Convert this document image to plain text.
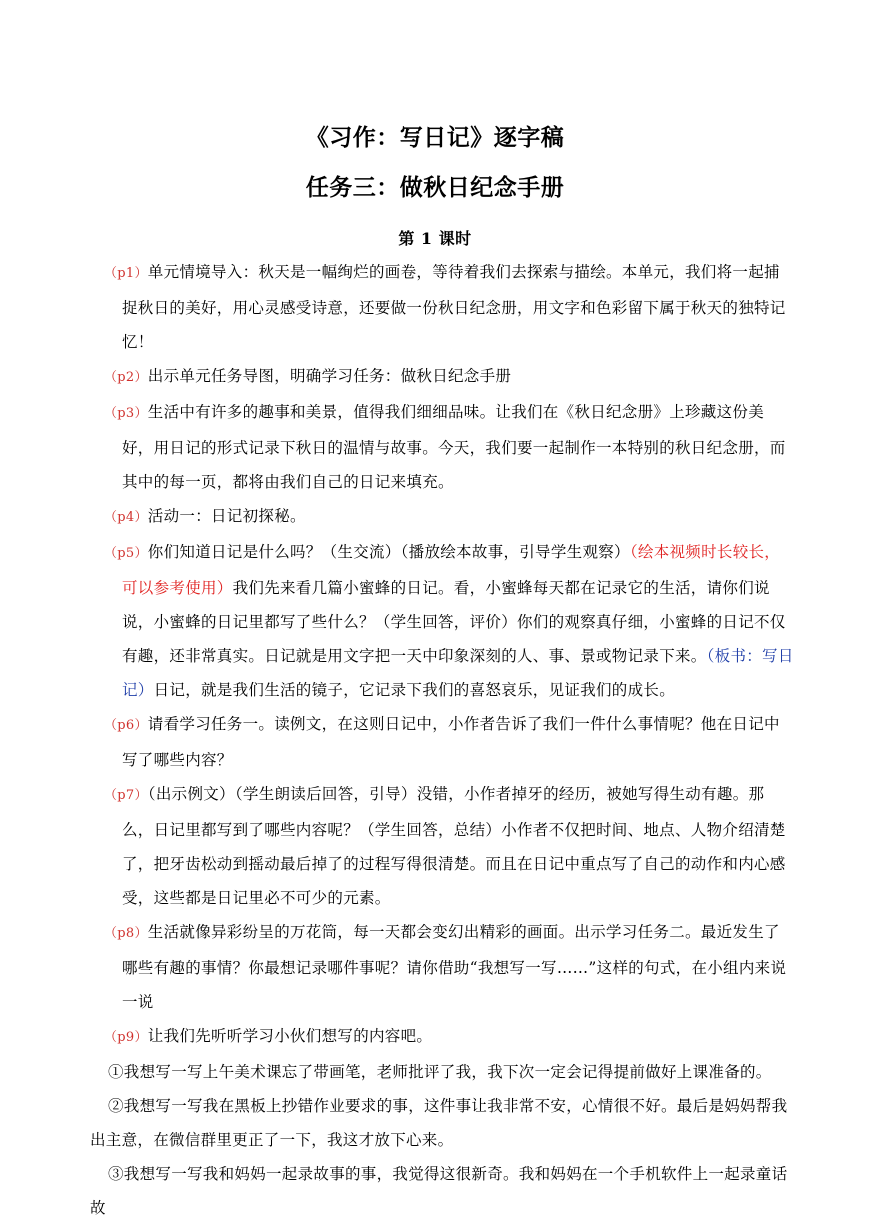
《习作：写日记》逐字稿
任务三：做秋日纪念手册
第 1 课时

（p1）单元情境导入：秋天是一幅绚烂的画卷，等待着我们去探索与描绘。本单元，我们将一起捕捉秋日的美好，用心灵感受诗意，还要做一份秋日纪念册，用文字和色彩留下属于秋天的独特记忆！

（p2）出示单元任务导图，明确学习任务：做秋日纪念手册

（p3）生活中有许多的趣事和美景，值得我们细细品味。让我们在《秋日纪念册》上珍藏这份美好，用日记的形式记录下秋日的温情与故事。今天，我们要一起制作一本特别的秋日纪念册，而其中的每一页，都将由我们自己的日记来填充。

（p4）活动一：日记初探秘。

（p5）你们知道日记是什么吗？（生交流）（播放绘本故事，引导学生观察）（绘本视频时长较长，可以参考使用）我们先来看几篇小蜜蜂的日记。看，小蜜蜂每天都在记录它的生活，请你们说说，小蜜蜂的日记里都写了些什么？（学生回答，评价）你们的观察真仔细，小蜜蜂的日记不仅有趣，还非常真实。日记就是用文字把一天中印象深刻的人、事、景或物记录下来。（板书：写日记）日记，就是我们生活的镜子，它记录下我们的喜怒哀乐，见证我们的成长。

（p6）请看学习任务一。读例文，在这则日记中，小作者告诉了我们一件什么事情呢？他在日记中写了哪些内容？

（p7）（出示例文）（学生朗读后回答，引导）没错，小作者掉牙的经历，被她写得生动有趣。那么，日记里都写到了哪些内容呢？（学生回答，总结）小作者不仅把时间、地点、人物介绍清楚了，把牙齿松动到摇动最后掉了的过程写得很清楚。而且在日记中重点写了自己的动作和内心感受，这些都是日记里必不可少的元素。

（p8）生活就像异彩纷呈的万花筒，每一天都会变幻出精彩的画面。出示学习任务二。最近发生了哪些有趣的事情？你最想记录哪件事呢？请你借助“我想写一写……”这样的句式，在小组内来说一说

（p9）让我们先听听学习小伙们想写的内容吧。

①我想写一写上午美术课忘了带画笔，老师批评了我，我下次一定会记得提前做好上课准备的。

②我想写一写我在黑板上抄错作业要求的事，这件事让我非常不安，心情很不好。最后是妈妈帮我出主意，在微信群里更正了一下，我这才放下心来。

③我想写一写我和妈妈一起录故事的事，我觉得这很新奇。我和妈妈在一个手机软件上一起录童话故
